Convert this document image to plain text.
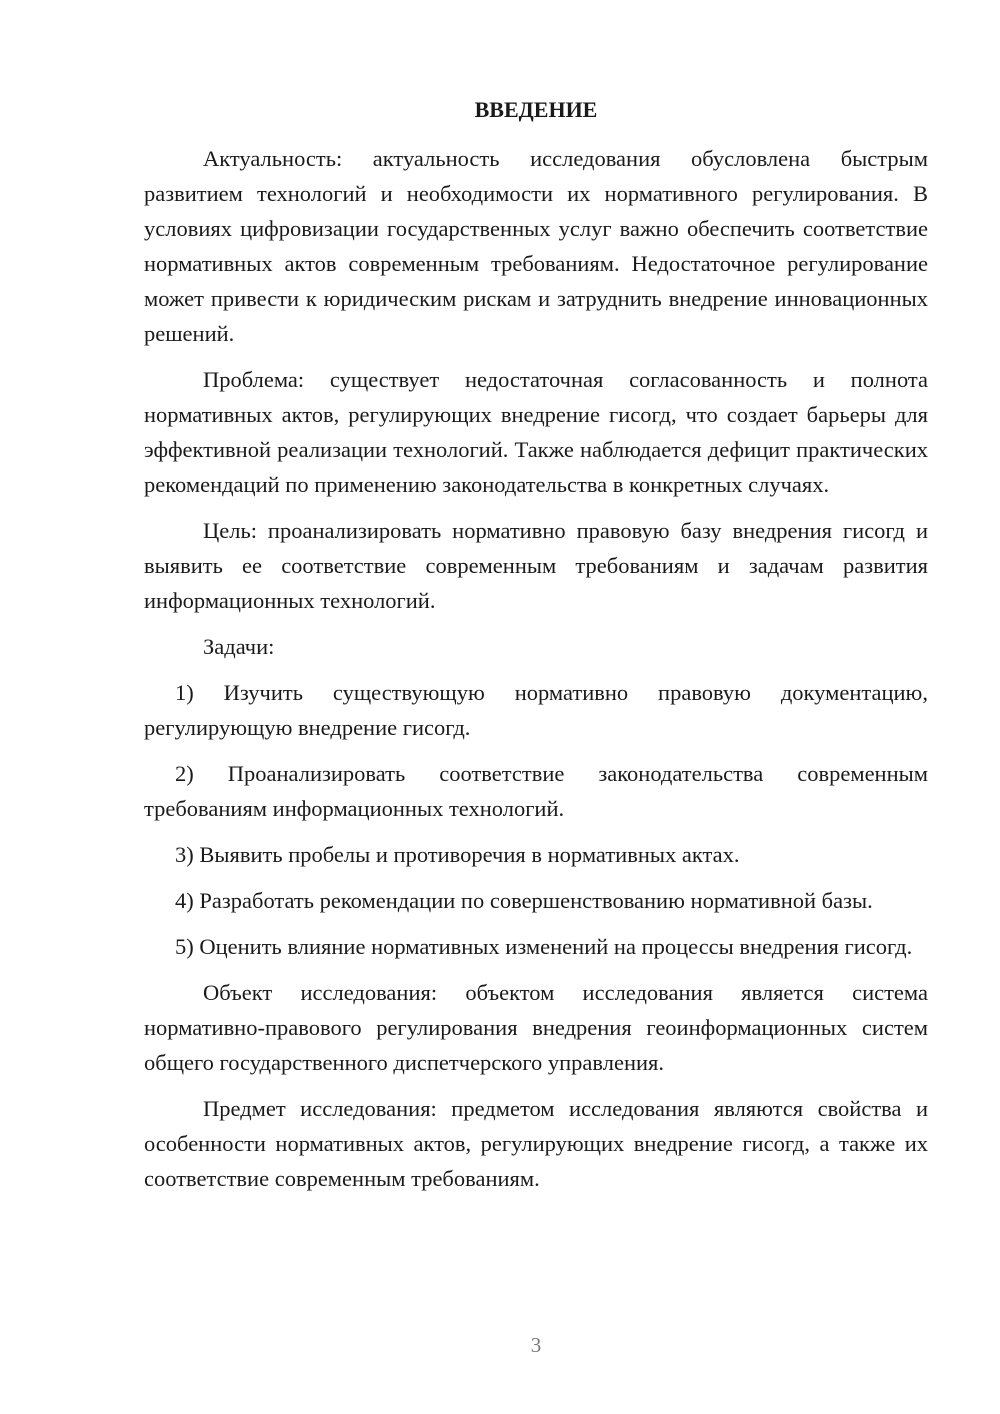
ВВЕДЕНИЕ

Актуальность: актуальность исследования обусловлена быстрым развитием технологий и необходимости их нормативного регулирования. В условиях цифровизации государственных услуг важно обеспечить соответствие нормативных актов современным требованиям. Недостаточное регулирование может привести к юридическим рискам и затруднить внедрение инновационных решений.

Проблема: существует недостаточная согласованность и полнота нормативных актов, регулирующих внедрение гисогд, что создает барьеры для эффективной реализации технологий. Также наблюдается дефицит практических рекомендаций по применению законодательства в конкретных случаях.

Цель: проанализировать нормативно правовую базу внедрения гисогд и выявить ее соответствие современным требованиям и задачам развития информационных технологий.

Задачи:

1) Изучить существующую нормативно правовую документацию, регулирующую внедрение гисогд.

2) Проанализировать соответствие законодательства современным требованиям информационных технологий.

3) Выявить пробелы и противоречия в нормативных актах.

4) Разработать рекомендации по совершенствованию нормативной базы.

5) Оценить влияние нормативных изменений на процессы внедрения гисогд.

Объект исследования: объектом исследования является система нормативно-правового регулирования внедрения геоинформационных систем общего государственного диспетчерского управления.

Предмет исследования: предметом исследования являются свойства и особенности нормативных актов, регулирующих внедрение гисогд, а также их соответствие современным требованиям.

3
